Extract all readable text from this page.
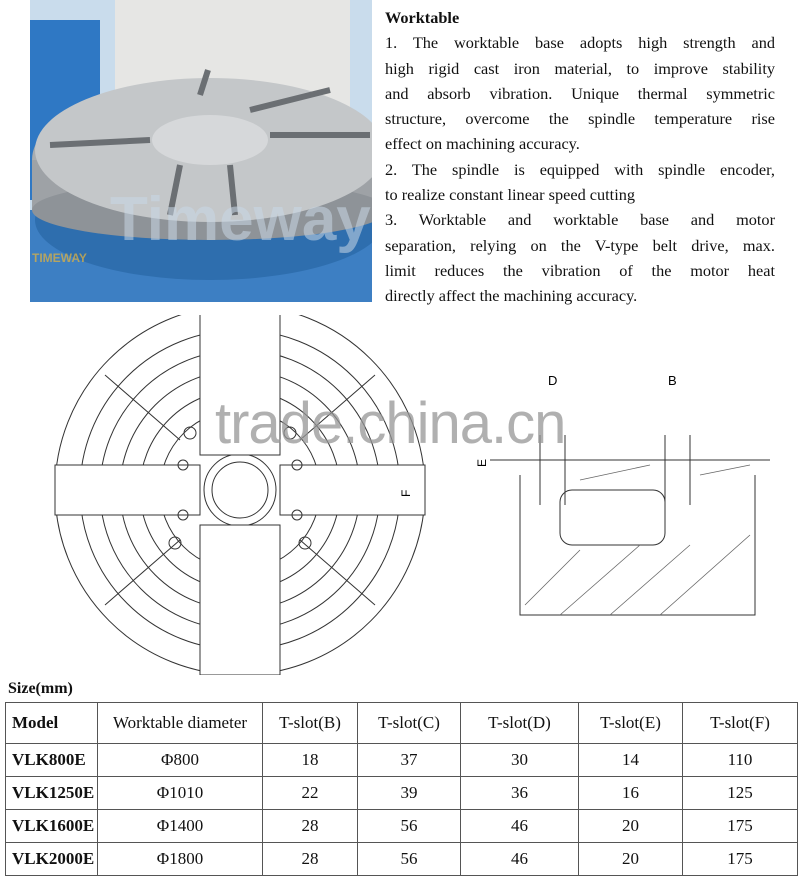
Timeway
TIMEWAY
Worktable
1. The worktable base adopts high strength and
high rigid cast iron material, to improve stability
and absorb vibration. Unique thermal symmetric
structure, overcome the spindle temperature rise
effect on machining accuracy.
2. The spindle is equipped with spindle encoder,
to realize constant linear speed cutting
3. Worktable and worktable base and motor
separation, relying on the V-type belt drive, max.
limit reduces the vibration of the motor heat
directly affect the machining accuracy.
D	B
E
F
trade.china.cn
Size(mm)
Model	Worktable diameter	T-slot(B)	T-slot(C)	T-slot(D)	T-slot(E)	T-slot(F)
VLK800E	Φ800	18	37	30	14	110
VLK1250E	Φ1010	22	39	36	16	125
VLK1600E	Φ1400	28	56	46	20	175
VLK2000E	Φ1800	28	56	46	20	175
